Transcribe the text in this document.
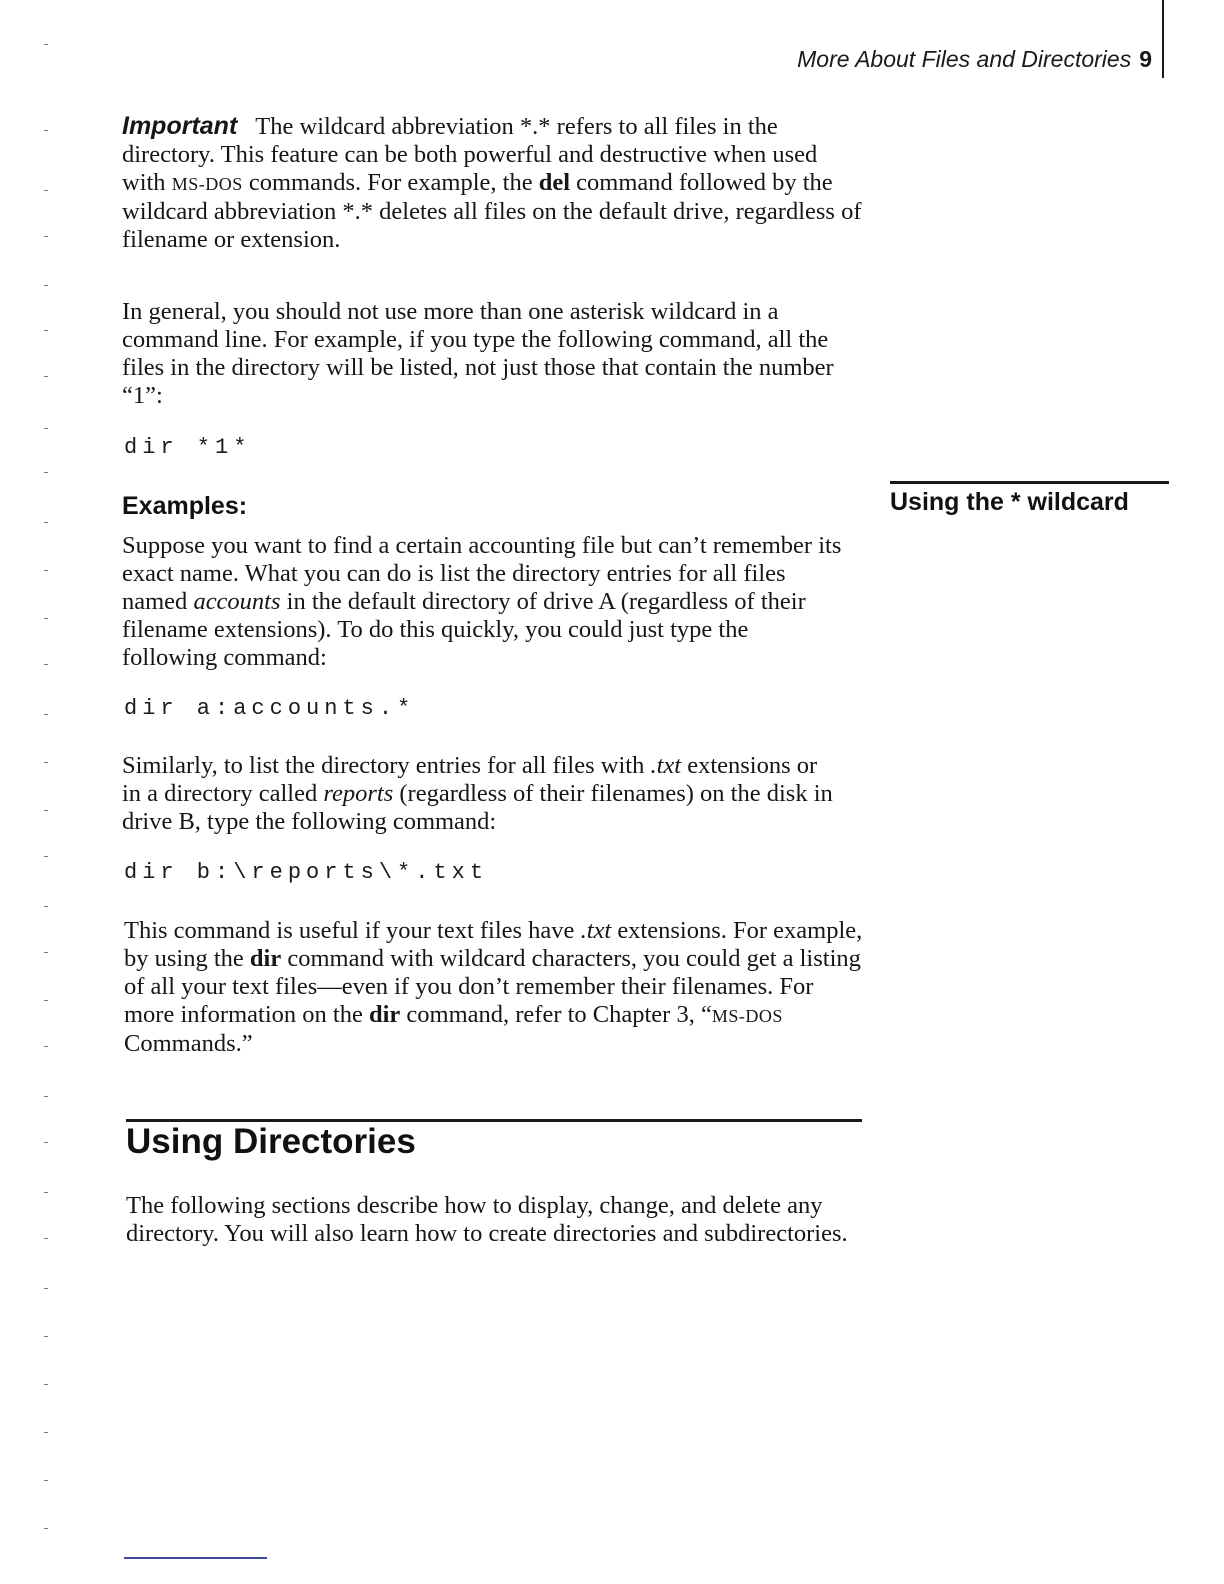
More About Files and Directories 9
Important The wildcard abbreviation *.* refers to all files in the directory. This feature can be both powerful and destructive when used with MS-DOS commands. For example, the del command followed by the wildcard abbreviation *.* deletes all files on the default drive, regardless of filename or extension.
In general, you should not use more than one asterisk wildcard in a command line. For example, if you type the following command, all the files in the directory will be listed, not just those that contain the number “1”:
dir *1*
Examples:	Using the * wildcard
Suppose you want to find a certain accounting file but can’t remember its exact name. What you can do is list the directory entries for all files named accounts in the default directory of drive A (regardless of their filename extensions). To do this quickly, you could just type the following command:
dir a:accounts.*
Similarly, to list the directory entries for all files with .txt extensions or in a directory called reports (regardless of their filenames) on the disk in drive B, type the following command:
dir b:\reports\*.txt
This command is useful if your text files have .txt extensions. For example, by using the dir command with wildcard characters, you could get a listing of all your text files—even if you don’t remember their filenames. For more information on the dir command, refer to Chapter 3, “MS-DOS Commands.”
Using Directories
The following sections describe how to display, change, and delete any directory. You will also learn how to create directories and subdirectories.
